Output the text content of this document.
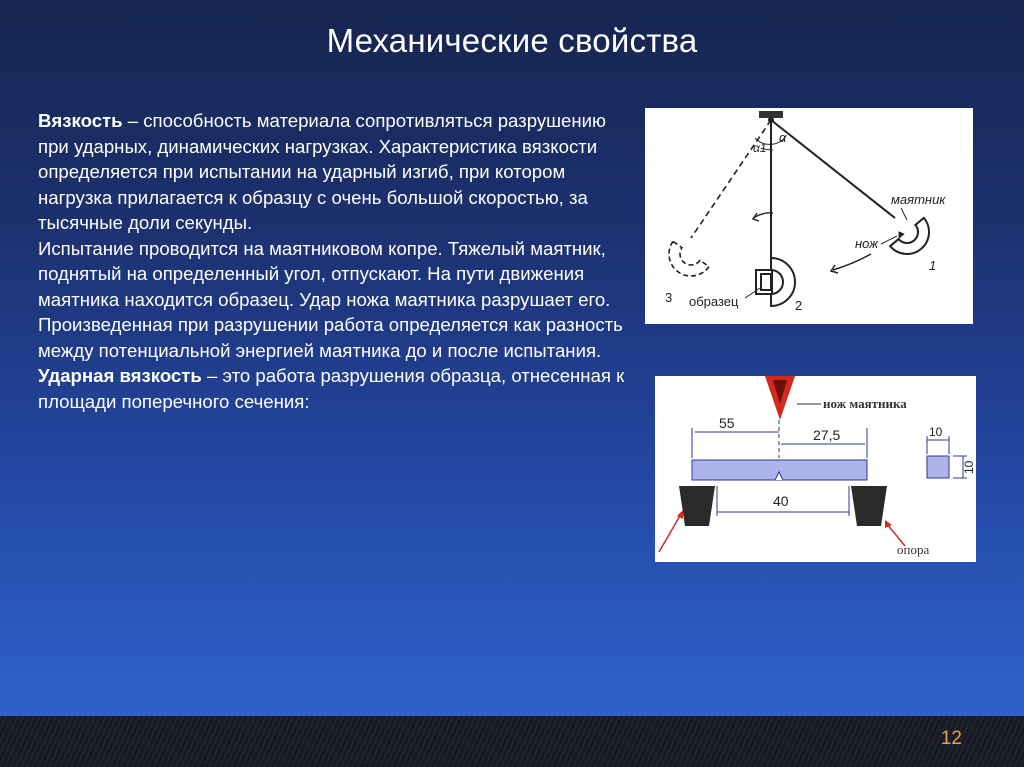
Механические свойства

Вязкость – способность материала сопротивляться разрушению при ударных, динамических нагрузках. Характеристика вязкости определяется при испытании на ударный изгиб, при котором нагрузка прилагается к образцу с очень большой скоростью, за тысячные доли секунды.

Испытание проводится на маятниковом копре. Тяжелый маятник, поднятый на определенный угол, отпускают. На пути движения маятника находится образец. Удар ножа маятника разрушает его. Произведенная при разрушении работа определяется как разность между потенциальной энергией маятника до и после испытания.

Ударная вязкость – это работа разрушения образца, отнесенная к площади поперечного сечения:

α
α1
маятник
нож
1
образец	2
3
нож маятника
55
27,5
40
опора
10
10
12
